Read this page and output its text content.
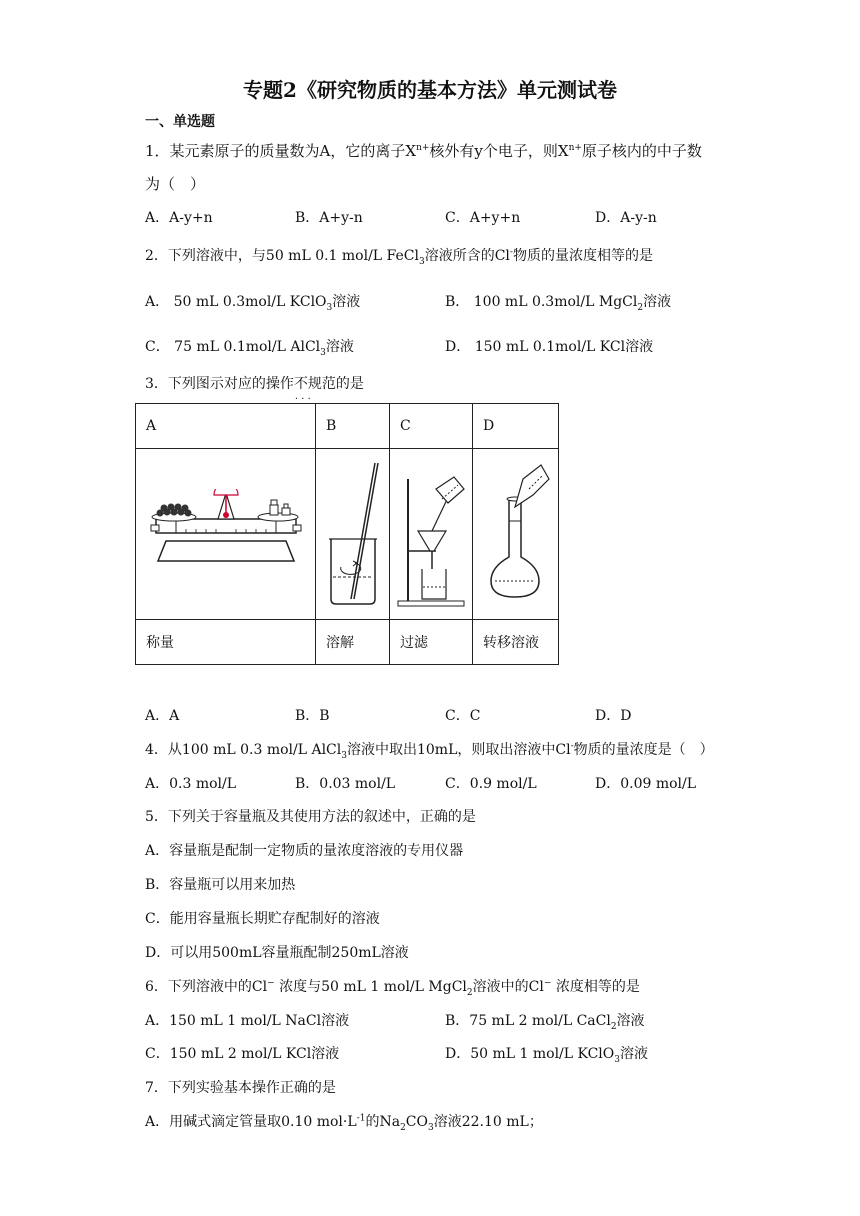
专题2《研究物质的基本方法》单元测试卷
一、单选题
1．某元素原子的质量数为A，它的离子$X^{n+}$核外有y个电子，则$X^{n+}$原子核内的中子数
为（　）
A．A-y+n	B．A+y-n	C．A+y+n	D．A-y-n
2．下列溶液中，与50 mL 0.1 mol/L FeCl$_3$溶液所含的Cl-物质的量浓度相等的是
A． 50 mL 0.3mol/L KClO$_3$溶液	B． 100 mL 0.3mol/L MgCl$_2$溶液
C． 75 mL 0.1mol/L AlCl$_3$溶液	D． 150 mL 0.1mol/L KCl溶液
3．下列图示对应的操作不规范 · · ·的是
A	B	C	D

称量	溶解	过滤	转移溶液
A．A	B．B	C．C	D．D
4．从100 mL 0.3 mol/L AlCl$_3$溶液中取出10mL，则取出溶液中Cl-物质的量浓度是（　）
A．0.3 mol/L	B．0.03 mol/L	C．0.9 mol/L	D．0.09 mol/L
5．下列关于容量瓶及其使用方法的叙述中，正确的是
A．容量瓶是配制一定物质的量浓度溶液的专用仪器
B．容量瓶可以用来加热
C．能用容量瓶长期贮存配制好的溶液
D．可以用500mL容量瓶配制250mL溶液
6．下列溶液中的Cl− 浓度与50 mL 1 mol/L MgCl$_2$溶液中的Cl− 浓度相等的是
A．150 mL 1 mol/L NaCl溶液	B．75 mL 2 mol/L CaCl$_2$溶液
C．150 mL 2 mol/L KCl溶液	D．50 mL 1 mol/L KClO$_3$溶液
7．下列实验基本操作正确的是
A．用碱式滴定管量取0.10 $mol\cdot L^{-1}$的$Na_2CO_3$溶液22.10 mL；
